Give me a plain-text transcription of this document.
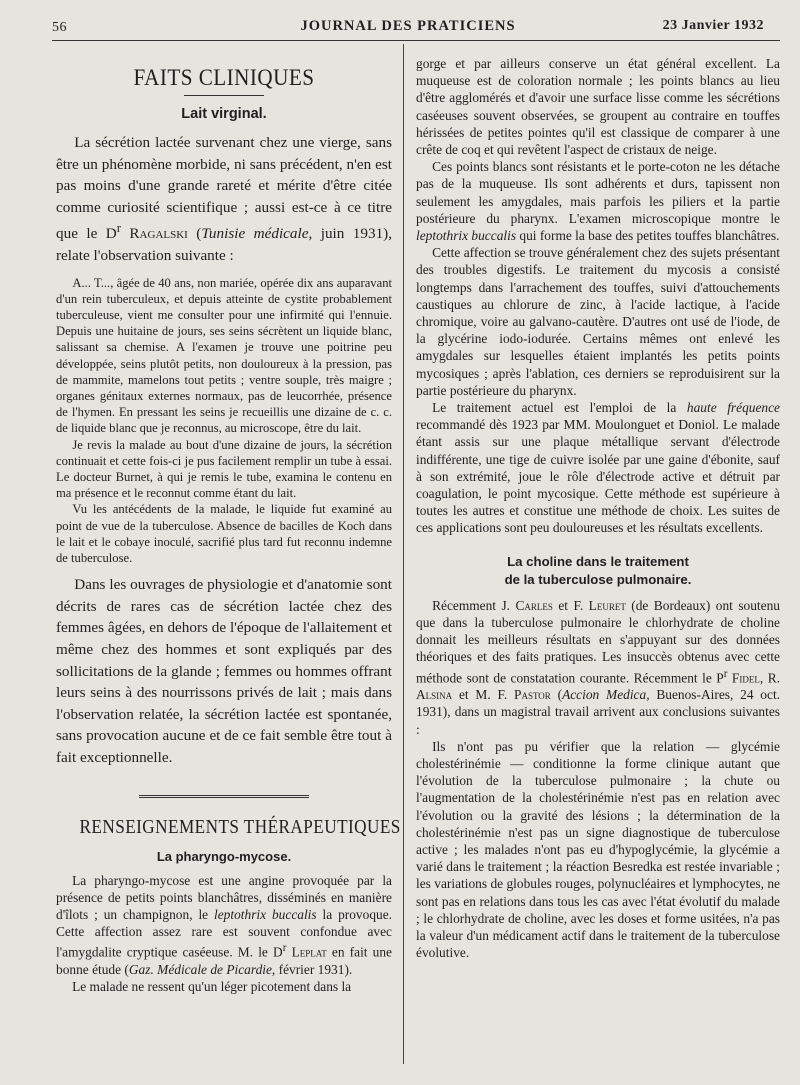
56	JOURNAL DES PRATICIENS	23 Janvier 1932
FAITS CLINIQUES
Lait virginal.

La sécrétion lactée survenant chez une vierge, sans être un phénomène morbide, ni sans précédent, n'en est pas moins d'une grande rareté et mérite d'être citée comme curiosité scientifique ; aussi est-ce à ce titre que le $D^r$ Ragalski (Tunisie médicale, juin 1931), relate l'observation suivante :

A... T..., âgée de 40 ans, non mariée, opérée dix ans auparavant d'un rein tuberculeux, et depuis atteinte de cystite probablement tuberculeuse, vient me consulter pour une infirmité qui l'ennuie. Depuis une huitaine de jours, ses seins sécrètent un liquide blanc, salissant sa chemise. A l'examen je trouve une poitrine peu développée, seins plutôt petits, non douloureux à la pression, pas de mammite, mamelons tout petits ; ventre souple, très maigre ; organes génitaux externes normaux, pas de leucorrhée, présence de l'hymen. En pressant les seins je recueillis une dizaine de c. c. de liquide blanc que je reconnus, au microscope, être du lait.

Je revis la malade au bout d'une dizaine de jours, la sécrétion continuait et cette fois-ci je pus facilement remplir un tube à essai. Le docteur Burnet, à qui je remis le tube, examina le contenu en ma présence et le reconnut comme étant du lait.

Vu les antécédents de la malade, le liquide fut examiné au point de vue de la tuberculose. Absence de bacilles de Koch dans le lait et le cobaye inoculé, sacrifié plus tard fut reconnu indemne de tuberculose.

Dans les ouvrages de physiologie et d'anatomie sont décrits de rares cas de sécrétion lactée chez des femmes âgées, en dehors de l'époque de l'allaitement et même chez des hommes et sont expliqués par des sollicitations de la glande ; femmes ou hommes offrant leurs seins à des nourrissons privés de lait ; mais dans l'observation relatée, la sécrétion lactée est spontanée, sans provocation aucune et de ce fait semble être tout à fait exceptionnelle.

RENSEIGNEMENTS THÉRAPEUTIQUES
La pharyngo-mycose.

La pharyngo-mycose est une angine provoquée par la présence de petits points blanchâtres, disséminés en manière d'îlots ; un champignon, le leptothrix buccalis la provoque. Cette affection assez rare est souvent confondue avec l'amygdalite cryptique caséeuse. M. le $D^r$ Leplat en fait une bonne étude (Gaz. Médicale de Picardie, février 1931).

Le malade ne ressent qu'un léger picotement dans la

gorge et par ailleurs conserve un état général excellent. La muqueuse est de coloration normale ; les points blancs au lieu d'être agglomérés et d'avoir une surface lisse comme les sécrétions caséeuses souvent observées, se groupent au contraire en touffes hérissées de petites pointes qu'il est classique de comparer à une crête de coq et qui revêtent l'aspect de cristaux de neige.

Ces points blancs sont résistants et le porte-coton ne les détache pas de la muqueuse. Ils sont adhérents et durs, tapissent non seulement les amygdales, mais parfois les piliers et la partie postérieure du pharynx. L'examen microscopique montre le leptothrix buccalis qui forme la base des petites touffes blanchâtres.

Cette affection se trouve généralement chez des sujets présentant des troubles digestifs. Le traitement du mycosis a consisté longtemps dans l'arrachement des touffes, suivi d'attouchements caustiques au chlorure de zinc, à l'acide lactique, à l'acide chromique, voire au galvano-cautère. D'autres ont usé de l'iode, de la glycérine iodo-iodurée. Certains mêmes ont enlevé les amygdales sur lesquelles étaient implantés les petits points mycosiques ; après l'ablation, ces derniers se reproduisirent sur la partie postérieure du pharynx.

Le traitement actuel est l'emploi de la haute fréquence recommandé dès 1923 par MM. Moulonguet et Doniol. Le malade étant assis sur une plaque métallique servant d'électrode indifférente, une tige de cuivre isolée par une gaine d'ébonite, sauf à son extrémité, joue le rôle d'électrode active et détruit par coagulation, le point mycosique. Cette méthode est supérieure à toutes les autres et constitue une méthode de choix. Les suites de ces applications sont peu douloureuses et les résultats excellents.

La choline dans le traitement
de la tuberculose pulmonaire.

Récemment J. Carles et F. Leuret (de Bordeaux) ont soutenu que dans la tuberculose pulmonaire le chlorhydrate de choline donnait les meilleurs résultats en s'appuyant sur des données théoriques et des faits pratiques. Les insuccès obtenus avec cette méthode sont de constatation courante. Récemment le $P^r$ Fidel, R. Alsina et M. F. Pastor (Accion Medica, Buenos-Aires, 24 oct. 1931), dans un magistral travail arrivent aux conclusions suivantes :

Ils n'ont pas pu vérifier que la relation — glycémie cholestérinémie — conditionne la forme clinique autant que l'évolution de la tuberculose pulmonaire ; la chute ou l'augmentation de la cholestérinémie n'est pas en relation avec l'évolution ou la gravité des lésions ; la détermination de la cholestérinémie n'est pas un signe diagnostique de tuberculose active ; les malades n'ont pas eu d'hypoglycémie, la glycémie a varié dans le traitement ; la réaction Besredka est restée invariable ; les variations de globules rouges, polynucléaires et lymphocytes, ne sont pas en relations dans tous les cas avec l'état évolutif du malade ; le chlorhydrate de choline, avec les doses et forme usitées, n'a pas la valeur d'un médicament actif dans le traitement de la tuberculose évolutive.
